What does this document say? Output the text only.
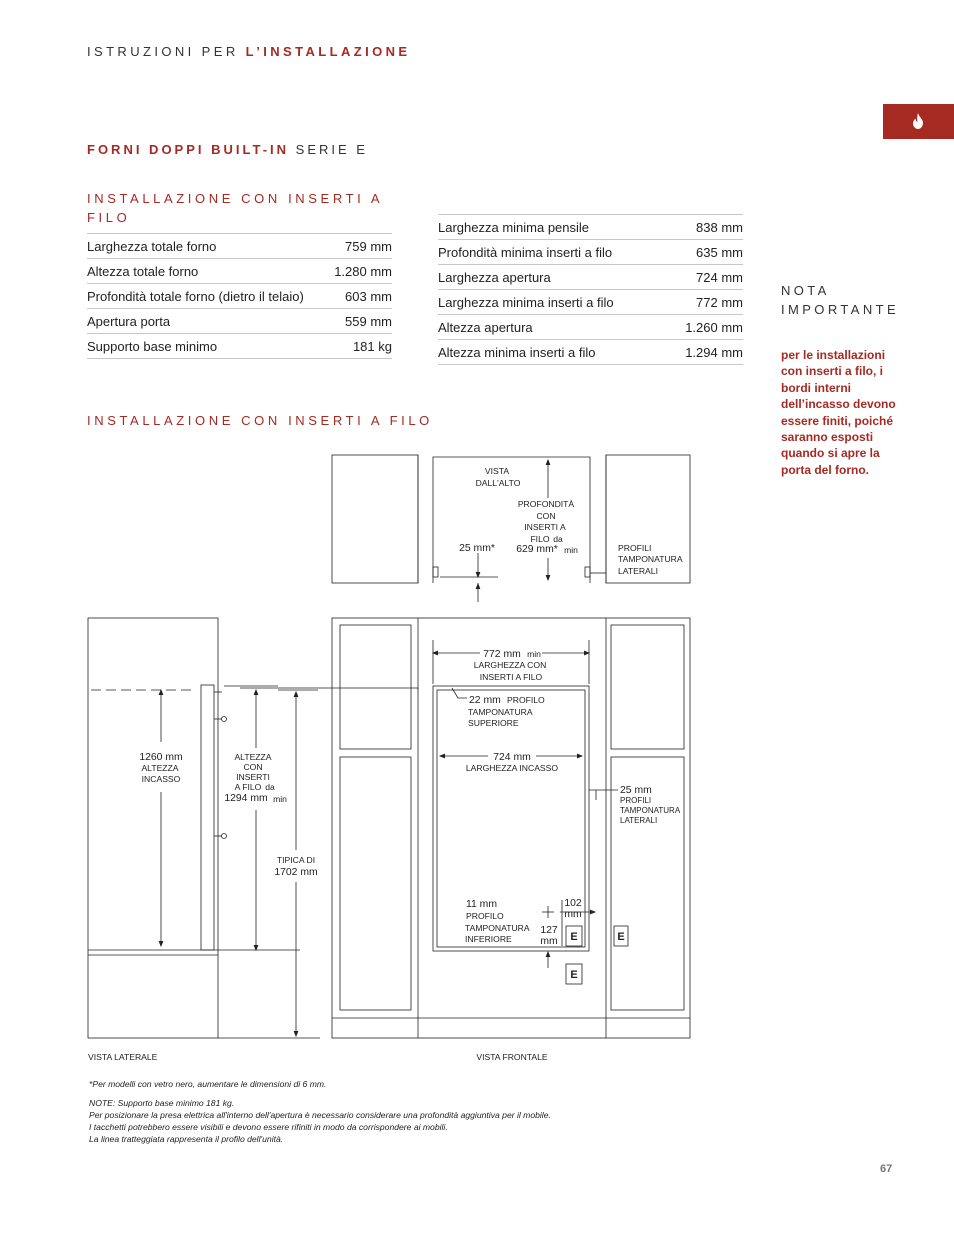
ISTRUZIONI PER L’INSTALLAZIONE
FORNI DOPPI BUILT-IN SERIE E
INSTALLAZIONE CON INSERTI A FILO
Larghezza totale forno	759 mm
Altezza totale forno	1.280 mm
Profondità totale forno (dietro il telaio)	603 mm
Apertura porta	559 mm
Supporto base minimo	181 kg
Larghezza minima pensile	838 mm
Profondità minima inserti a filo	635 mm
Larghezza apertura	724 mm
Larghezza minima inserti a filo	772 mm
Altezza apertura	1.260 mm
Altezza minima inserti a filo	1.294 mm
NOTA
IMPORTANTE
per le installazioni con inserti a filo, i bordi interni dell’incasso devono essere finiti, poiché saranno esposti quando si apre la porta del forno.
INSTALLAZIONE CON INSERTI A FILO
VISTA
DALL'ALTO
PROFONDITÀ
CON
INSERTI A
FILO da
629 mm* min
25 mm*	PROFILI
TAMPONATURA
LATERALI
1260 mm
ALTEZZA
INCASSO
ALTEZZA
CON
INSERTI
A FILO da
1294 mm min
TIPICA DI
1702 mm
VISTA LATERALE
772 mm min
LARGHEZZA CON
INSERTI A FILO
22 mm PROFILO
TAMPONATURA
SUPERIORE
724 mm
LARGHEZZA INCASSO
25 mm
PROFILI
TAMPONATURA
LATERALI
11 mm
PROFILO
TAMPONATURA
INFERIORE
102
mm
127
mm E
E
E
VISTA FRONTALE
*Per modelli con vetro nero, aumentare le dimensioni di 6 mm.
NOTE: Supporto base minimo 181 kg.
Per posizionare la presa elettrica all'interno dell'apertura è necessario considerare una profondità aggiuntiva per il mobile.
I tacchetti potrebbero essere visibili e devono essere rifiniti in modo da corrispondere ai mobili.
La linea tratteggiata rappresenta il profilo dell'unità.
67
